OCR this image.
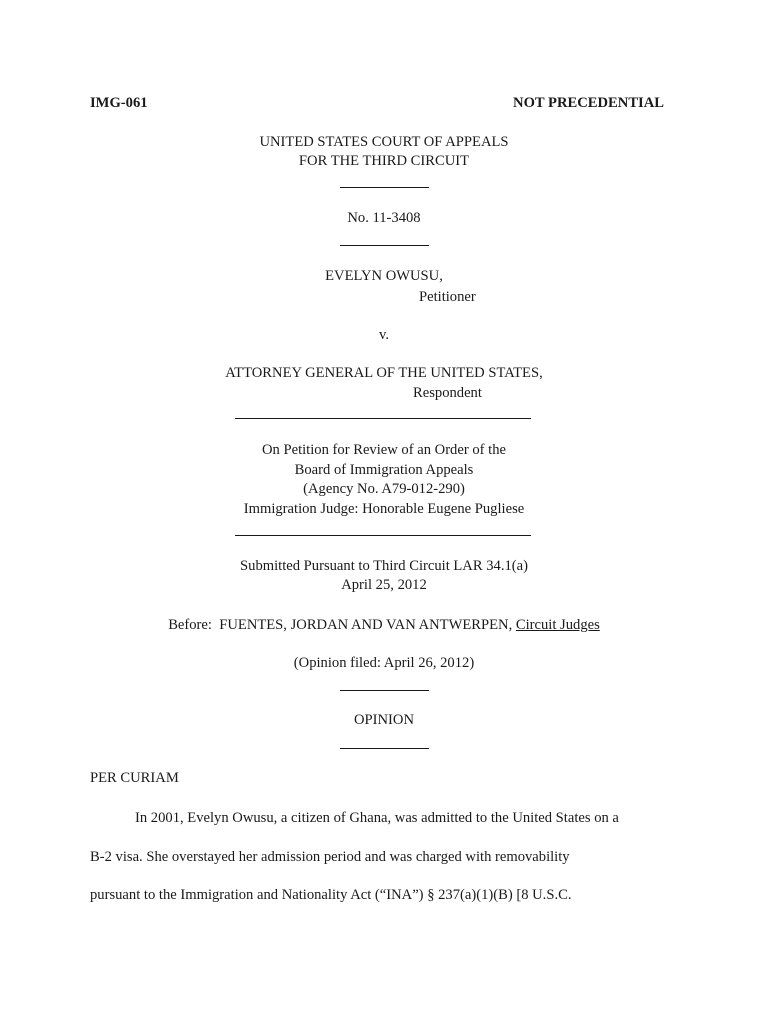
IMG-061	NOT PRECEDENTIAL
UNITED STATES COURT OF APPEALS
FOR THE THIRD CIRCUIT
No. 11-3408
EVELYN OWUSU,
Petitioner
v.
ATTORNEY GENERAL OF THE UNITED STATES,
Respondent
On Petition for Review of an Order of the
Board of Immigration Appeals
(Agency No. A79-012-290)
Immigration Judge: Honorable Eugene Pugliese
Submitted Pursuant to Third Circuit LAR 34.1(a)
April 25, 2012
Before:  FUENTES, JORDAN AND VAN ANTWERPEN, Circuit Judges
(Opinion filed: April 26, 2012)
OPINION
PER CURIAM
In 2001, Evelyn Owusu, a citizen of Ghana, was admitted to the United States on a
B-2 visa. She overstayed her admission period and was charged with removability
pursuant to the Immigration and Nationality Act (“INA”) § 237(a)(1)(B) [8 U.S.C.
